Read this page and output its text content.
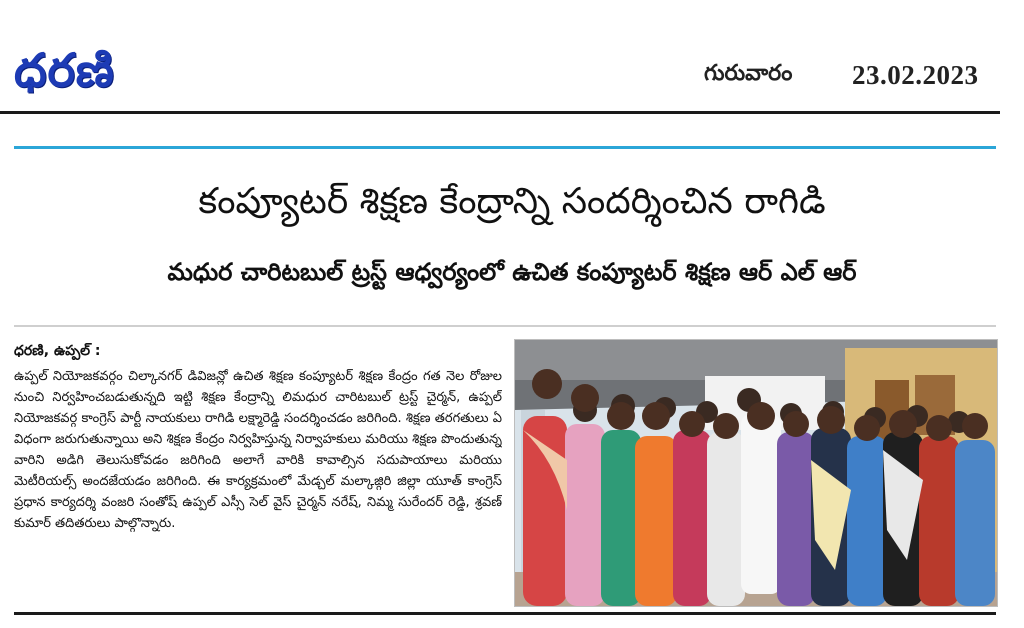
ధరణి	గురువారం 23.02.2023
కంప్యూటర్ శిక్షణ కేంద్రాన్ని సందర్శించిన రాగిడి
మధుర చారిటబుల్ ట్రస్ట్ ఆధ్వర్యంలో ఉచిత కంప్యూటర్ శిక్షణ ఆర్ ఎల్ ఆర్
ధరణి, ఉప్పల్ :
ఉప్పల్ నియోజకవర్గం చిల్కానగర్ డివిజన్లో ఉచిత శిక్షణ కంప్యూటర్ శిక్షణ కేంద్రం గత నెల రోజుల నుంచి నిర్వహించబడుతున్నది ఇట్టి శిక్షణ కేంద్రాన్ని లిమధుర చారిటబుల్ ట్రస్ట్ చైర్మన్, ఉప్పల్ నియోజకవర్గ కాంగ్రెస్ పార్టీ నాయకులు రాగిడి లక్ష్మారెడ్డి సందర్శించడం జరిగింది. శిక్షణ తరగతులు ఏ విధంగా జరుగుతున్నాయి అని శిక్షణ కేంద్రం నిర్వహిస్తున్న నిర్వాహకులు మరియు శిక్షణ పొందుతున్న వారిని అడిగి తెలుసుకోవడం జరిగింది అలాగే వారికి కావాల్సిన సదుపాయాలు మరియు మెటీరియల్స్ అందజేయడం జరిగింది. ఈ కార్యక్రమంలో మేడ్చల్ మల్కాజ్గిరి జిల్లా యూత్ కాంగ్రెస్ ప్రధాన కార్యదర్శి వంజరి సంతోష్ ఉప్పల్ ఎస్సీ సెల్ వైస్ చైర్మన్ నరేష్, నిమ్మ సురేందర్ రెడ్డి, శ్రవణ్ కుమార్ తదితరులు పాల్గొన్నారు.
